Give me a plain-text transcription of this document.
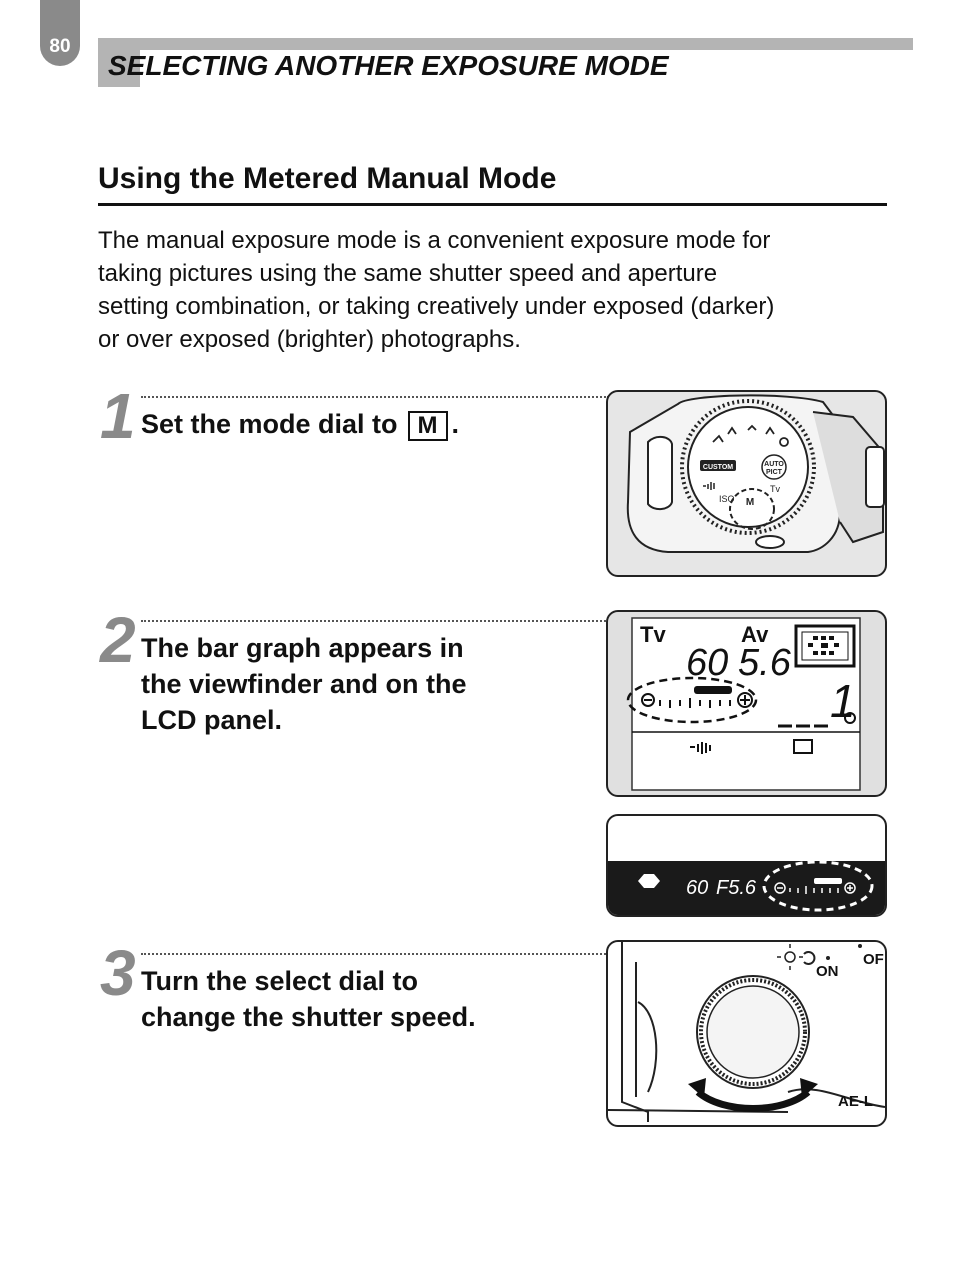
80
SELECTING ANOTHER EXPOSURE MODE
Using the Metered Manual Mode

The manual exposure mode is a convenient exposure mode for
taking pictures using the same shutter speed and aperture
setting combination, or taking creatively under exposed (darker)
or over exposed (brighter) photographs.

1 Set the mode dial to M .
CUSTOM	AUTO
PICT
Tv
ISO M
2 The bar graph appears in
the viewfinder and on the
LCD panel.
Tv	Av
60 5.6
1
60 F5.6
3 Turn the select dial to
change the shutter speed.
ON
OF
AE-L
